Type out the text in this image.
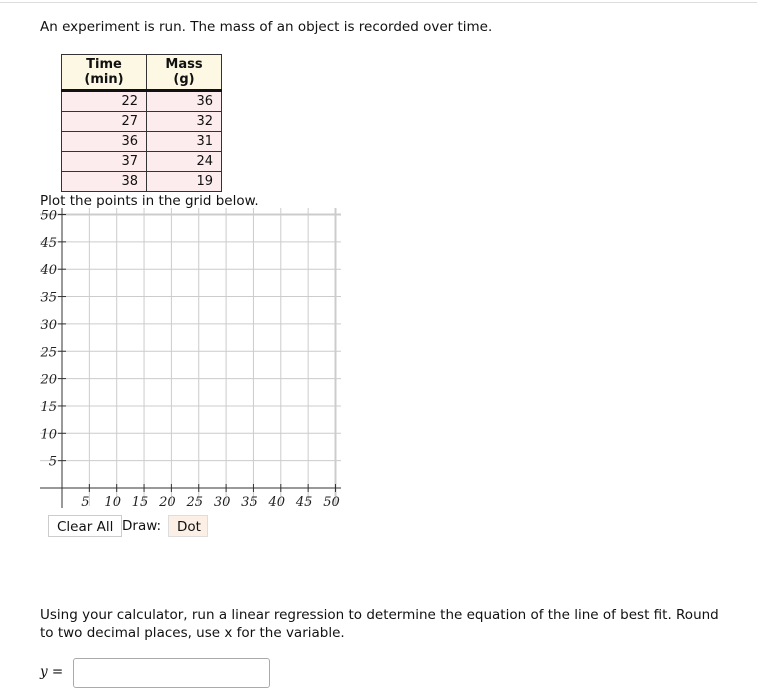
An experiment is run. The mass of an object is recorded over time.
Time (min)	Mass (g)
22	36
27	32
36	31
37	24
38	19
Plot the points in the grid below.
5
5
10
10
15
15
20
20
25
25
30
30
35
35
40
40
45
45
50
50
Clear All Draw:	Dot
Using your calculator, run a linear regression to determine the equation of the line of best fit. Round to two decimal places, use x for the variable.
y =
